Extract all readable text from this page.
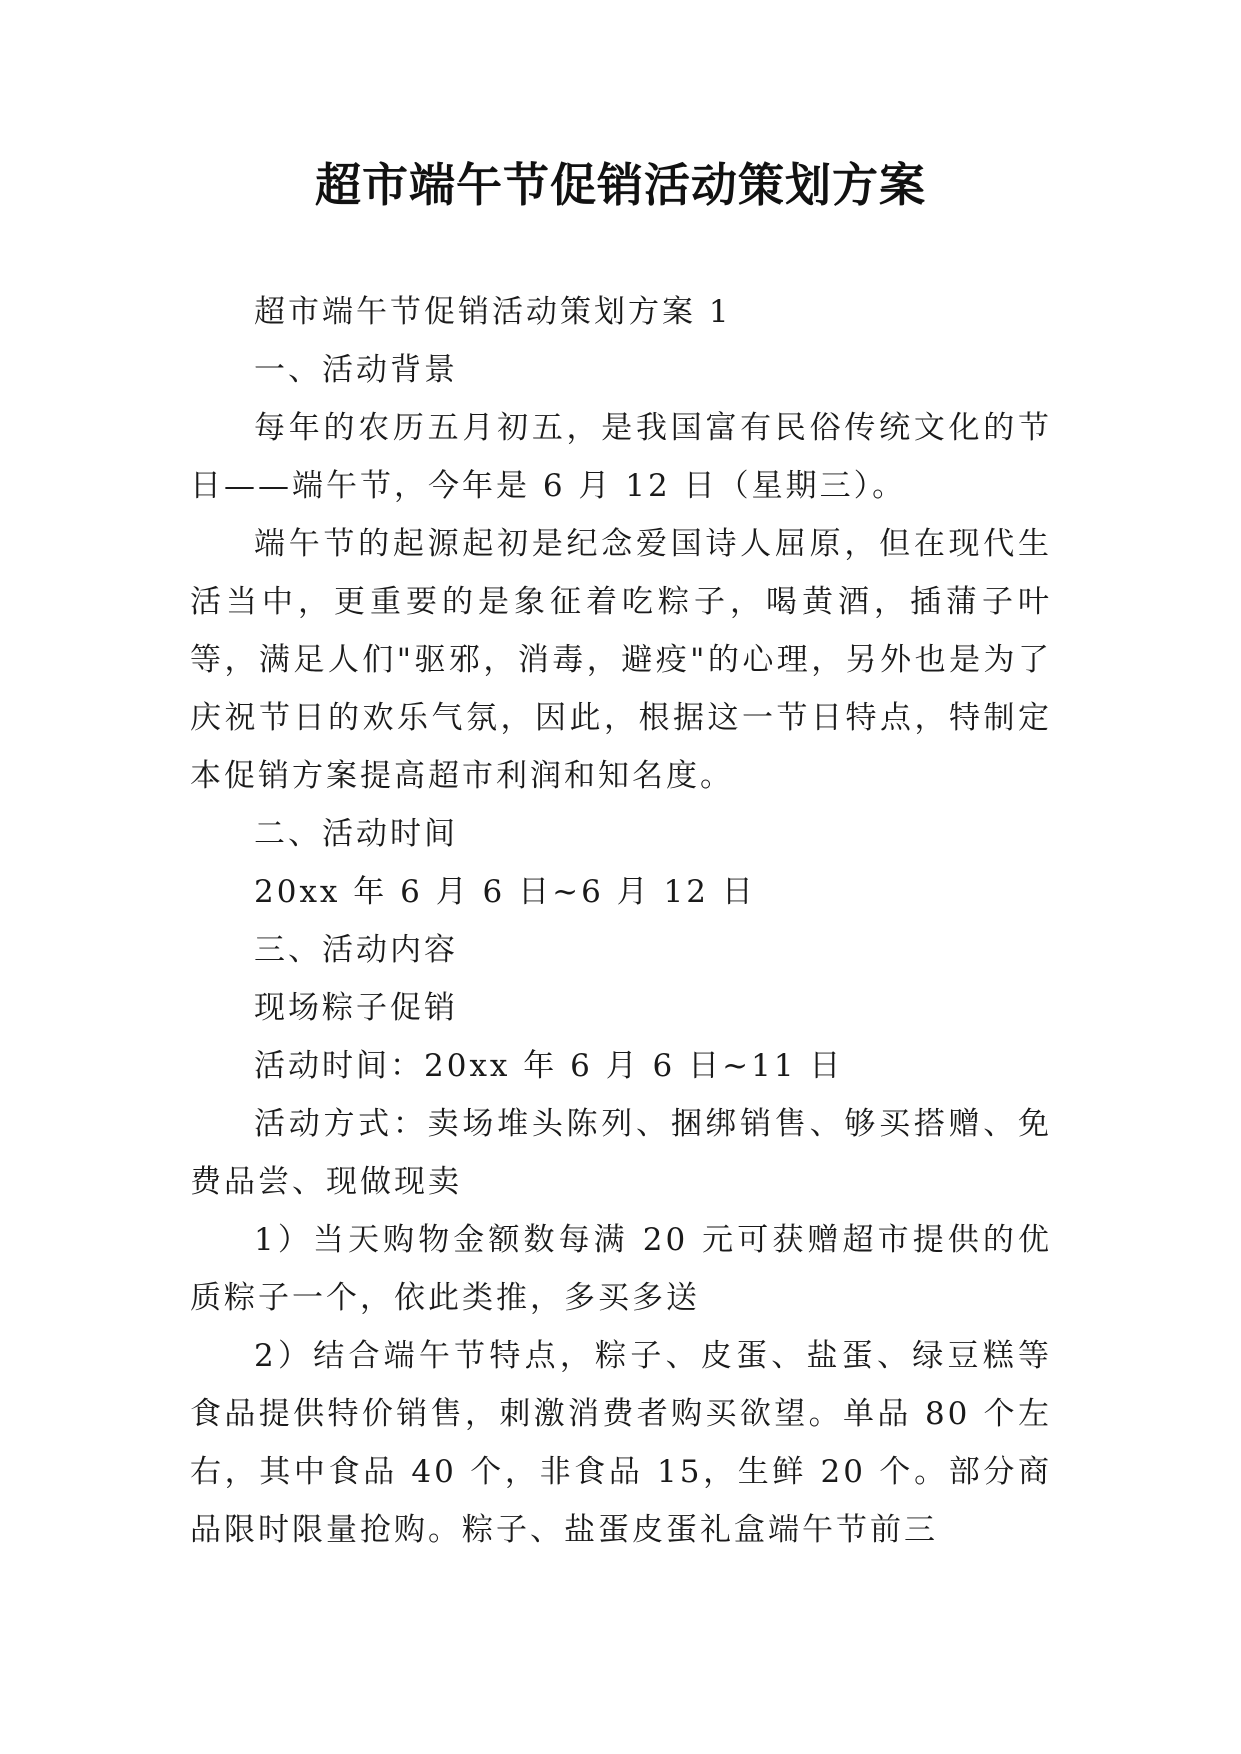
超市端午节促销活动策划方案

超市端午节促销活动策划方案 1

一、活动背景

每年的农历五月初五，是我国富有民俗传统文化的节日——端午节，今年是 6 月 12 日（星期三）。

端午节的起源起初是纪念爱国诗人屈原，但在现代生活当中，更重要的是象征着吃粽子，喝黄酒，插蒲子叶等，满足人们"驱邪，消毒，避疫"的心理，另外也是为了庆祝节日的欢乐气氛，因此，根据这一节日特点，特制定本促销方案提高超市利润和知名度。

二、活动时间

20xx 年 6 月 6 日~6 月 12 日

三、活动内容

现场粽子促销

活动时间：20xx 年 6 月 6 日~11 日

活动方式：卖场堆头陈列、捆绑销售、够买搭赠、免费品尝、现做现卖

1）当天购物金额数每满 20 元可获赠超市提供的优质粽子一个，依此类推，多买多送

2）结合端午节特点，粽子、皮蛋、盐蛋、绿豆糕等食品提供特价销售，刺激消费者购买欲望。单品 80 个左右，其中食品 40 个，非食品 15，生鲜 20 个。部分商品限时限量抢购。粽子、盐蛋皮蛋礼盒端午节前三
